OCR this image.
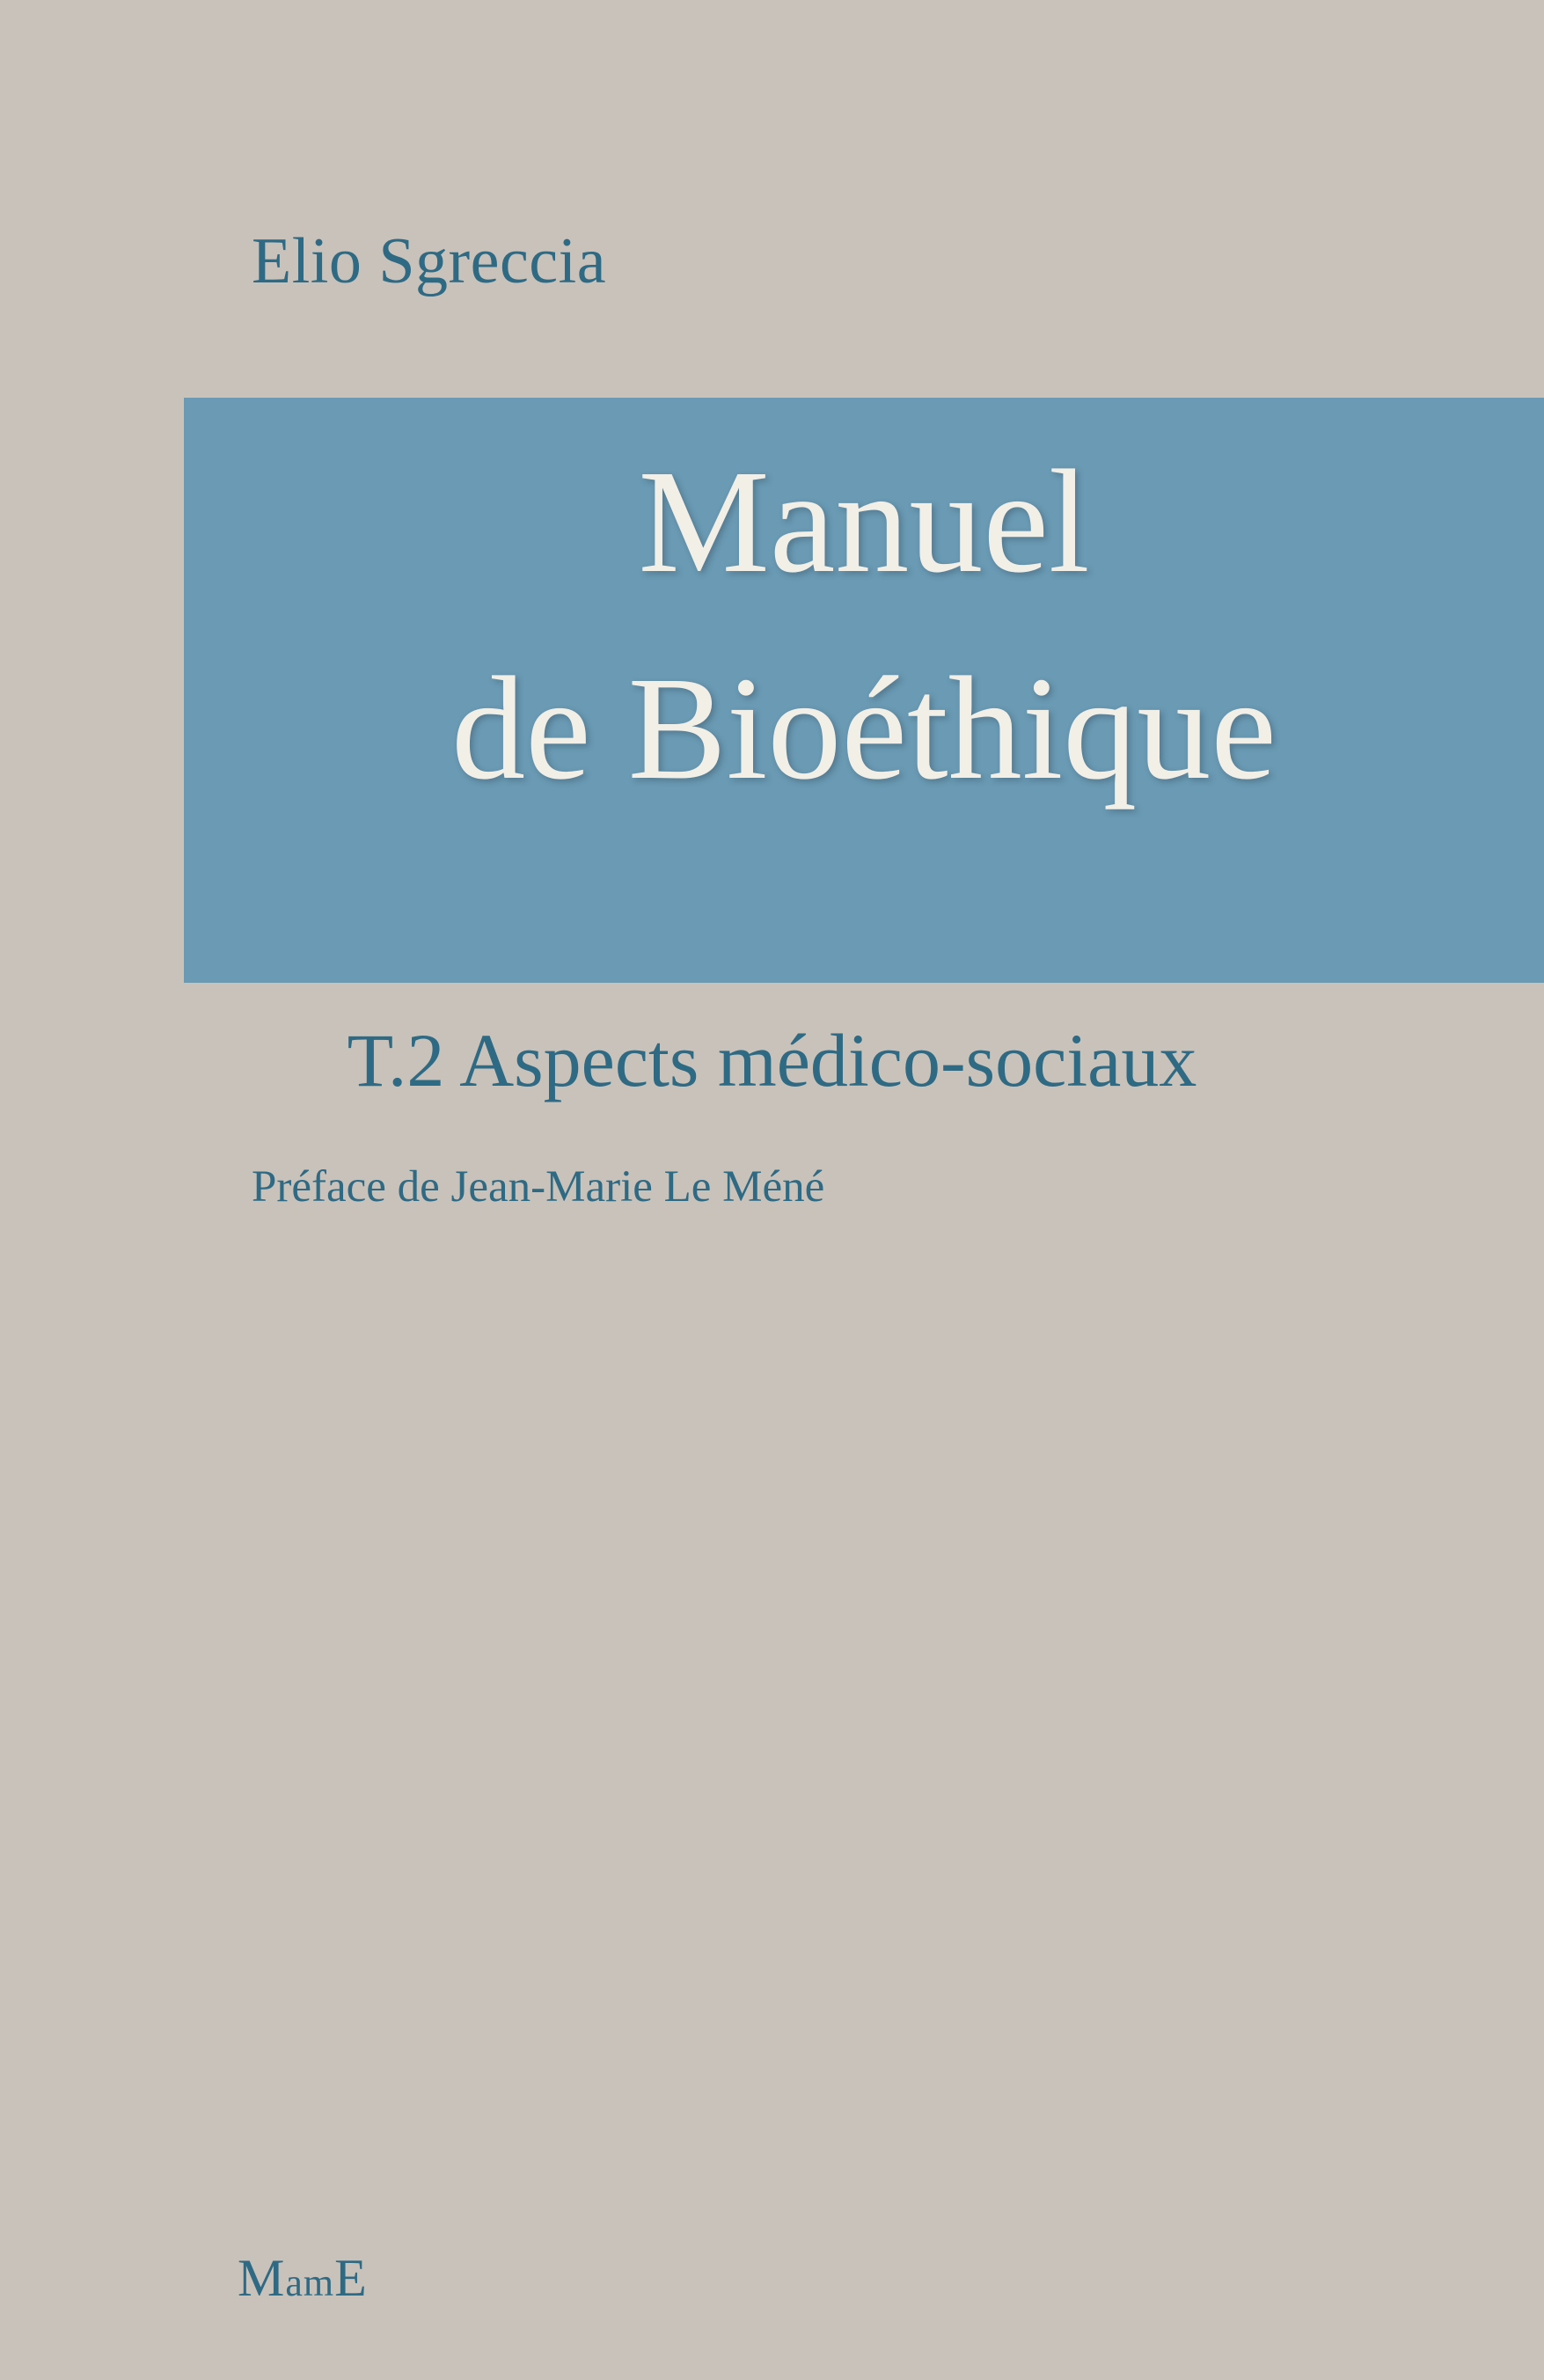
Elio Sgreccia
Manuel
de Bioéthique
T.2 Aspects médico-sociaux
Préface de Jean-Marie Le Méné
MamE
